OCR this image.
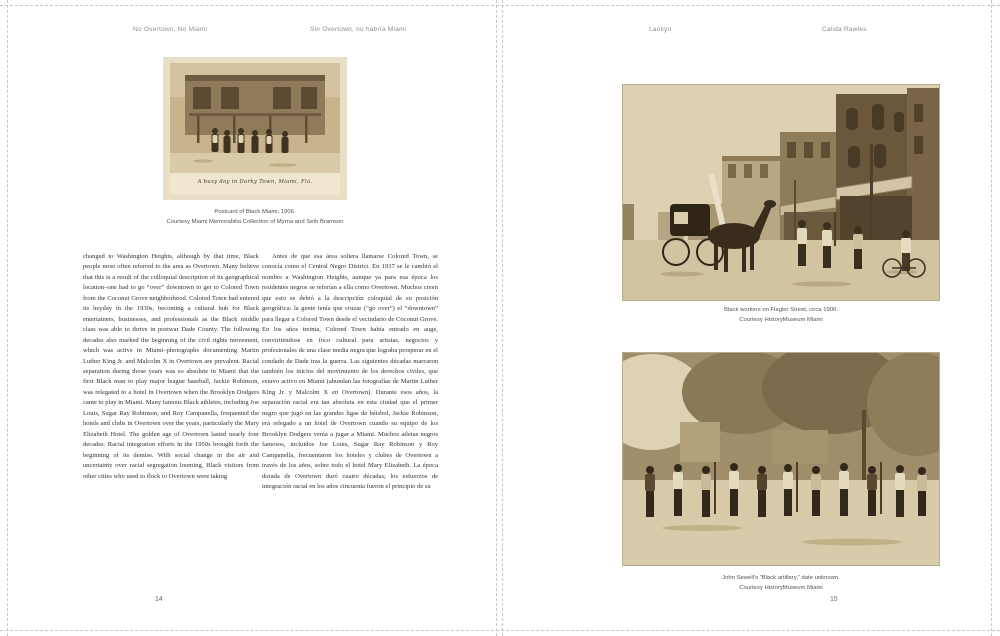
No Overtown, No Miami	Sin Overtown, no habría Miami
A busy day in Darky Town, Miami, Fla.
Postcard of Black Miami, 1906.
Courtesy Miami Memorabilia Collection of Myrna and Seth Bramson
changed to Washington Heights, although by that time, Black people most often referred to the area as Overtown. Many believe that this is a result of the colloquial description of its geographical location–one had to go “over” downtown to get to Colored Town from the Coconut Grove neighborhood. Colored Town had entered its heyday in the 1930s, becoming a cultural hub for Black entertainers, businesses, and professionals as the Black middle class was able to thrive in postwar Dade County. The following decades also marked the beginning of the civil rights movement, which was active in Miami–photographs documenting Martin Luther King Jr. and Malcolm X in Overtown are prevalent. Racial separation during those years was so absolute in Miami that the first Black man to play major league baseball, Jackie Robinson, was relegated to a hotel in Overtown when the Brooklyn Dodgers came to play in Miami. Many famous Black athletes, including Joe Louis, Sugar Ray Robinson, and Roy Campanella, frequented the hotels and clubs in Overtown over the years, particularly the Mary Elizabeth Hotel. The golden age of Overtown lasted nearly four decades. Racial integration efforts in the 1950s brought forth the beginning of its demise. With social change in the air and uncertainty over racial segregation looming, Black visitors from other cities who used to flock to Overtown were taking
Antes de que esa área soliera llamarse Colored Town, se conocía como el Central Negro District. En 1937 se le cambió el nombre a Washington Heights, aunque ya para esa época los residentes negros se referían a ella como Overtown. Muchos creen que esto se debió a la descripción coloquial de su posición geográfica: la gente tenía que cruzar (“go over”) el “downtown” para llegar a Colored Town desde el vecindario de Coconut Grove. En los años treinta, Colored Town había entrado en auge, convirtiéndose en foco cultural para artistas, negocios y profesionales de una clase media negra que lograba prosperar en el condado de Dade tras la guerra. Las siguientes décadas marcaron también los inicios del movimiento de los derechos civiles, que estuvo activo en Miami (abundan las fotografías de Martin Luther King Jr. y Malcolm X en Overtown). Durante esos años, la separación racial era tan absoluta en esta ciudad que el primer negro que jugó en las grandes ligas de béisbol, Jackie Robinson, era relegado a un hotel de Overtown cuando su equipo de los Brooklyn Dodgers venía a jugar a Miami. Muchos atletas negros famosos, incluidos Joe Louis, Sugar Ray Robinson y Roy Campanella, frecuentaron los hoteles y clubes de Overtown a través de los años, sobre todo el hotel Mary Elizabeth. La época dorada de Overtown duró cuatro décadas; los esfuerzos de integración racial en los años cincuenta fueron el principio de su
14
Laokyo	Calida Rawles
Black workers on Flagler Street, circa 1900.
Courtesy HistoryMuseum Miami
John Sewell’s “Black artillery,” date unknown.
Courtesy HistoryMuseum Miami
15
